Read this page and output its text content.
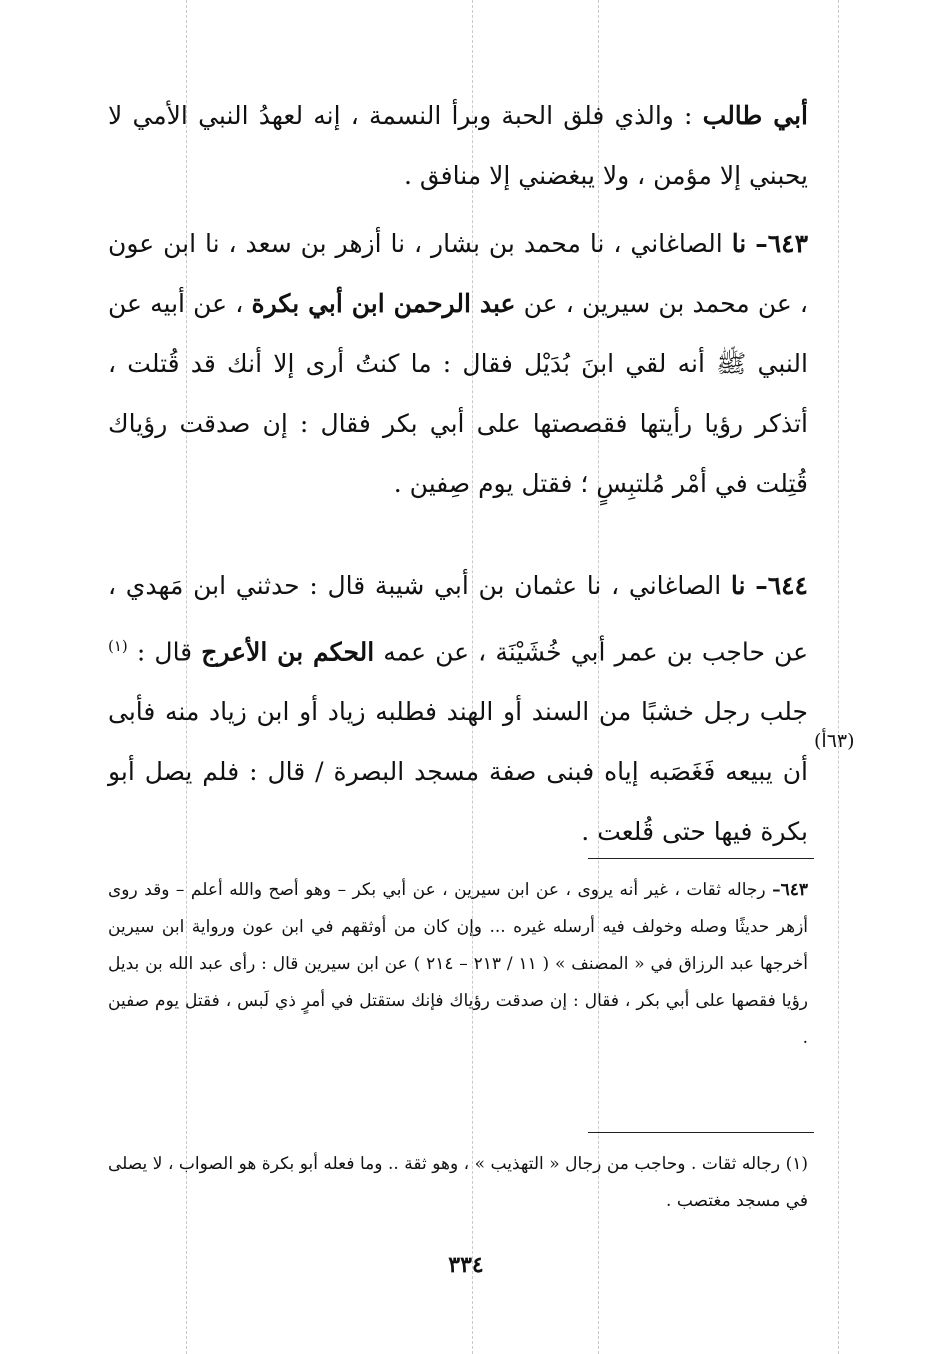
أبي طالب : والذي فلق الحبة وبرأ النسمة ، إنه لعهدُ النبي الأمي لا يحبني إلا مؤمن ، ولا يبغضني إلا منافق .
٦٤٣– نا الصاغاني ، نا محمد بن بشار ، نا أزهر بن سعد ، نا ابن عون ، عن محمد بن سيرين ، عن عبد الرحمن ابن أبي بكرة ، عن أبيه عن النبي ﷺ أنه لقي ابنَ بُدَيْل فقال : ما كنتُ أرى إلا أنك قد قُتلت ، أتذكر رؤيا رأيتها فقصصتها على أبي بكر فقال : إن صدقت رؤياك قُتِلت في أمْر مُلتبِسٍ ؛ فقتل يوم صِفين .
٦٤٤– نا الصاغاني ، نا عثمان بن أبي شيبة قال : حدثني ابن مَهدي ، عن حاجب بن عمر أبي خُشَيْنَة ، عن عمه الحكم بن الأعرج قال : $^{(١)}$ جلب رجل خشبًا من السند أو الهند فطلبه زياد أو ابن زياد منه فأبى أن يبيعه فَغَصَبه إياه فبنى صفة مسجد البصرة / قال : فلم يصل أبو بكرة فيها حتى قُلعت .
(٦٣أ)
٦٤٣– رجاله ثقات ، غير أنه يروى ، عن ابن سيرين ، عن أبي بكر – وهو أصح والله أعلم – وقد روى أزهر حديثًا وصله وخولف فيه أرسله غيره ... وإن كان من أوثقهم في ابن عون ورواية ابن سيرين أخرجها عبد الرزاق في « المصنف » ( ١١ / ٢١٣ – ٢١٤ ) عن ابن سيرين قال : رأى عبد الله بن بديل رؤيا فقصها على أبي بكر ، فقال : إن صدقت رؤياك فإنك ستقتل في أمرٍ ذي لَبس ، فقتل يوم صفين .
(١) رجاله ثقات . وحاجب من رجال « التهذيب » ، وهو ثقة .. وما فعله أبو بكرة هو الصواب ، لا يصلى في مسجد مغتصب .
٣٣٤
